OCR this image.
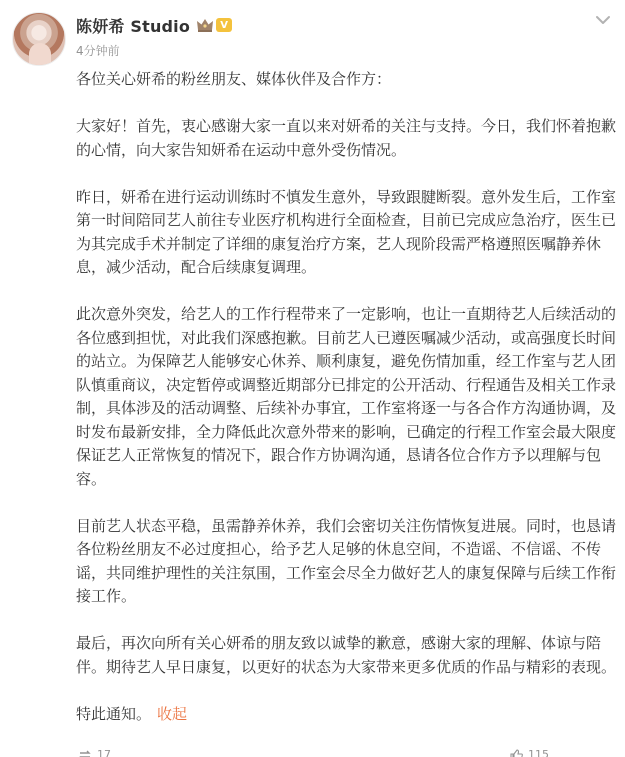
陈妍希 Studio	V
4分钟前

各位关心妍希的粉丝朋友、媒体伙伴及合作方：

大家好！首先，衷心感谢大家一直以来对妍希的关注与支持。今日，我们怀着抱歉的心情，向大家告知妍希在运动中意外受伤情况。

昨日，妍希在进行运动训练时不慎发生意外，导致跟腱断裂。意外发生后，工作室第一时间陪同艺人前往专业医疗机构进行全面检查，目前已完成应急治疗，医生已为其完成手术并制定了详细的康复治疗方案，艺人现阶段需严格遵照医嘱静养休息，减少活动，配合后续康复调理。

此次意外突发，给艺人的工作行程带来了一定影响，也让一直期待艺人后续活动的各位感到担忧，对此我们深感抱歉。目前艺人已遵医嘱减少活动，或高强度长时间的站立。为保障艺人能够安心休养、顺利康复，避免伤情加重，经工作室与艺人团队慎重商议，决定暂停或调整近期部分已排定的公开活动、行程通告及相关工作录制，具体涉及的活动调整、后续补办事宜，工作室将逐一与各合作方沟通协调，及时发布最新安排，全力降低此次意外带来的影响，已确定的行程工作室会最大限度保证艺人正常恢复的情况下，跟合作方协调沟通，恳请各位合作方予以理解与包容。

目前艺人状态平稳，虽需静养休养，我们会密切关注伤情恢复进展。同时，也恳请各位粉丝朋友不必过度担心，给予艺人足够的休息空间，不造谣、不信谣、不传谣，共同维护理性的关注氛围，工作室会尽全力做好艺人的康复保障与后续工作衔接工作。

最后，再次向所有关心妍希的朋友致以诚挚的歉意，感谢大家的理解、体谅与陪伴。期待艺人早日康复，以更好的状态为大家带来更多优质的作品与精彩的表现。

特此通知。 收起

17	115
